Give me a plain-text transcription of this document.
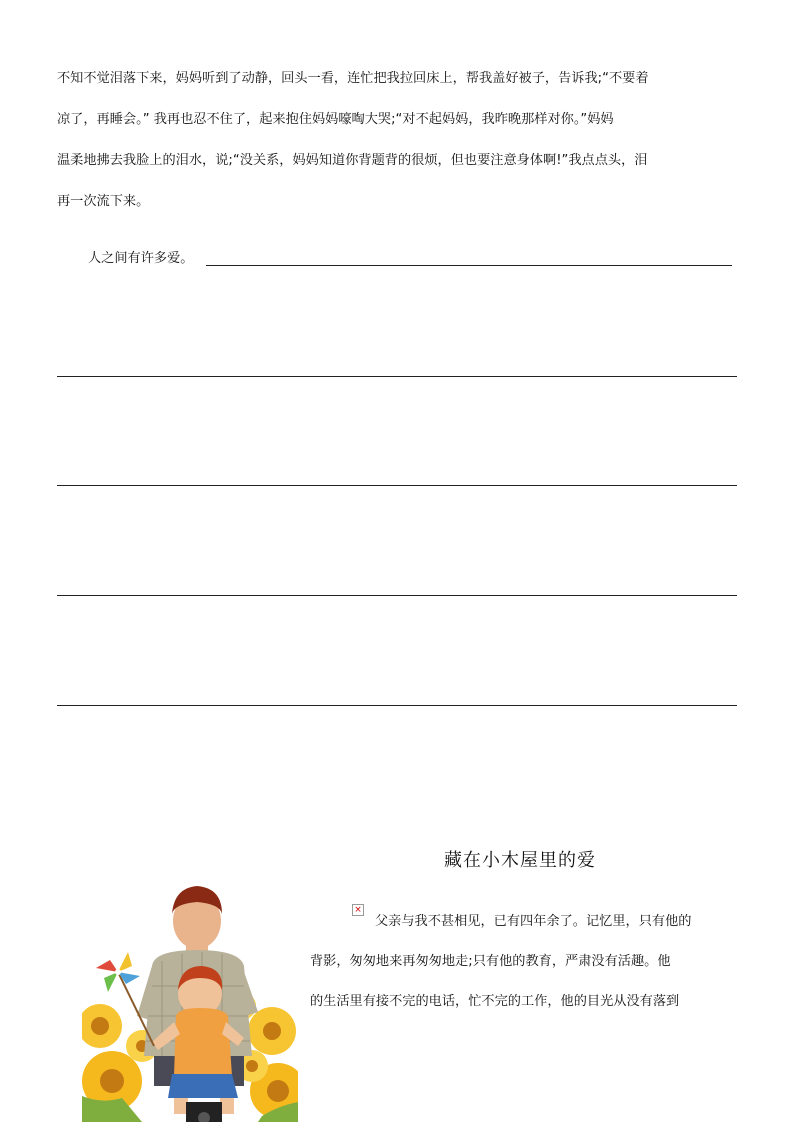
不知不觉泪落下来，妈妈听到了动静，回头一看，连忙把我拉回床上，帮我盖好被子，告诉我;“不要着
凉了，再睡会。” 我再也忍不住了，起来抱住妈妈嚎啕大哭;“对不起妈妈，我昨晚那样对你。”妈妈
温柔地拂去我脸上的泪水，说;“没关系，妈妈知道你背题背的很烦，但也要注意身体啊!”我点点头，泪
再一次流下来。
人之间有许多爱。
藏在小木屋里的爱
×
父亲与我不甚相见，已有四年余了。记忆里，只有他的
背影，匆匆地来再匆匆地走;只有他的教育，严肃没有活趣。他
的生活里有接不完的电话，忙不完的工作，他的目光从没有落到
